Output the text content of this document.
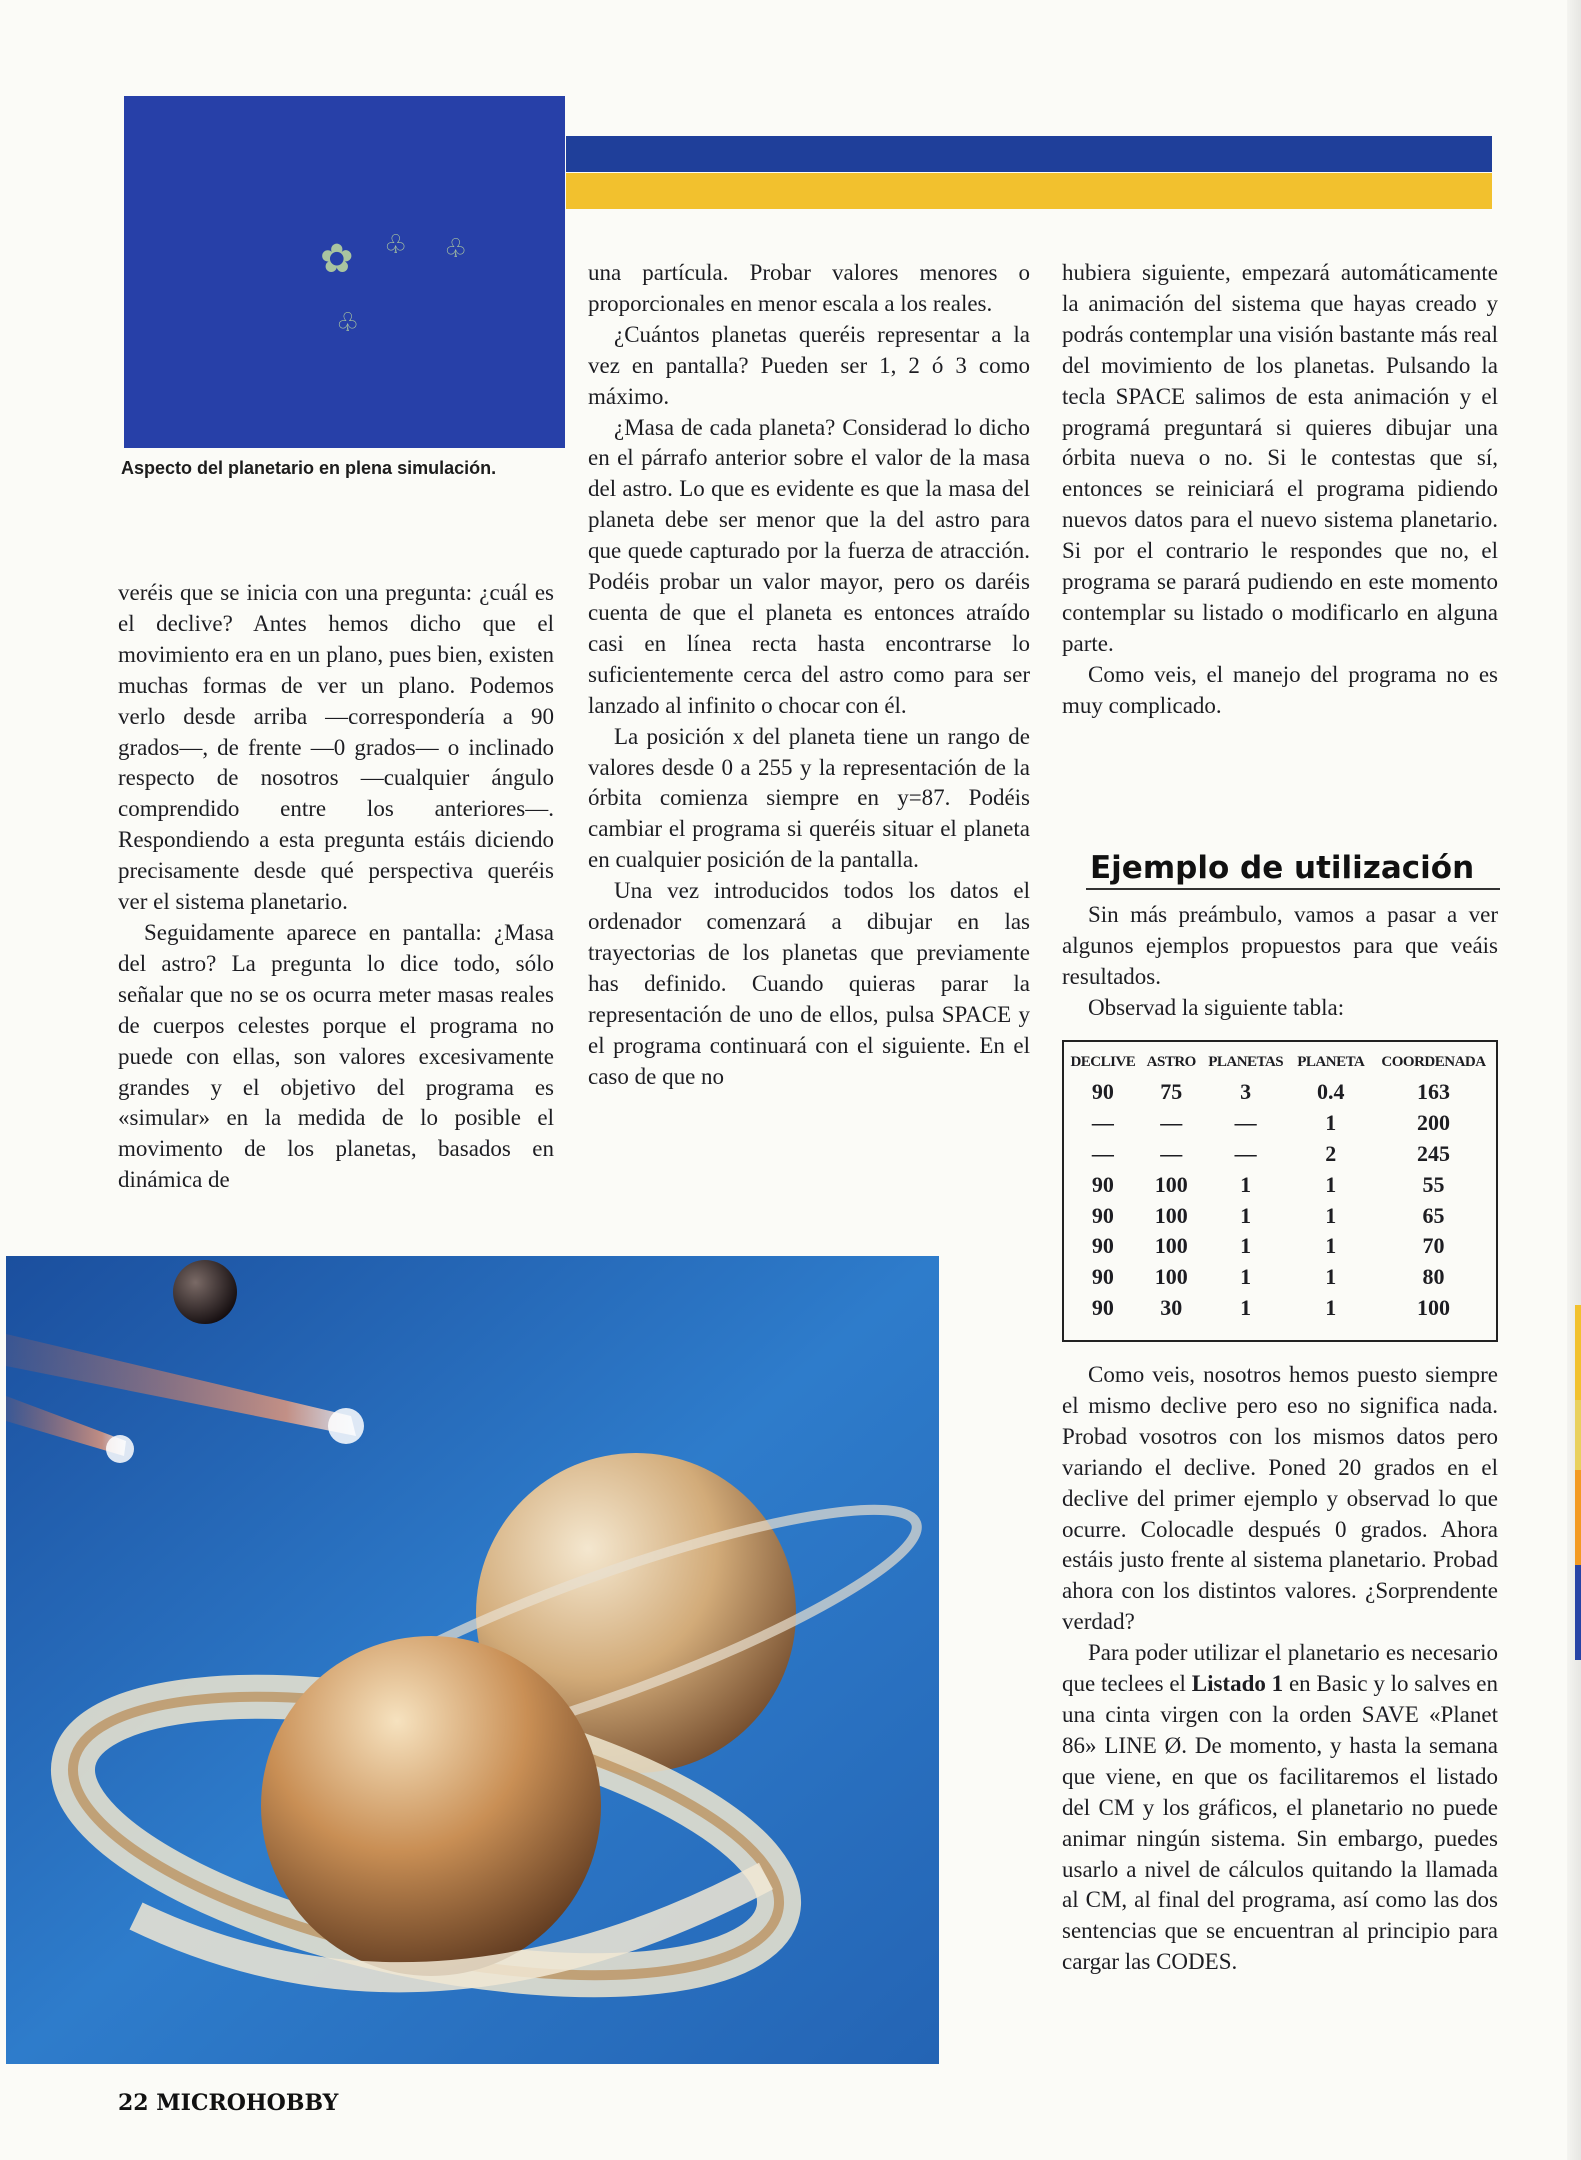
✿ ♧ ♧
♧
Aspecto del planetario en plena simulación.

veréis que se inicia con una pregunta: ¿cuál es el declive? Antes hemos dicho que el movimiento era en un plano, pues bien, existen muchas formas de ver un plano. Podemos verlo desde arriba —correspondería a 90 grados—, de frente —0 grados— o inclinado respecto de nosotros —cualquier ángulo comprendido entre los anteriores—. Respondiendo a esta pregunta estáis diciendo precisamente desde qué perspectiva queréis ver el sistema planetario.

Seguidamente aparece en pantalla: ¿Masa del astro? La pregunta lo dice todo, sólo señalar que no se os ocurra meter masas reales de cuerpos celestes porque el programa no puede con ellas, son valores excesivamente grandes y el objetivo del programa es «simular» en la medida de lo posible el movimento de los planetas, basados en dinámica de

una partícula. Probar valores menores o proporcionales en menor escala a los reales.

¿Cuántos planetas queréis representar a la vez en pantalla? Pueden ser 1, 2 ó 3 como máximo.

¿Masa de cada planeta? Considerad lo dicho en el párrafo anterior sobre el valor de la masa del astro. Lo que es evidente es que la masa del planeta debe ser menor que la del astro para que quede capturado por la fuerza de atracción. Podéis probar un valor mayor, pero os daréis cuenta de que el planeta es entonces atraído casi en línea recta hasta encontrarse lo suficientemente cerca del astro como para ser lanzado al infinito o chocar con él.

La posición x del planeta tiene un rango de valores desde 0 a 255 y la representación de la órbita comienza siempre en y=87. Podéis cambiar el programa si queréis situar el planeta en cualquier posición de la pantalla.

Una vez introducidos todos los datos el ordenador comenzará a dibujar en las trayectorias de los planetas que previamente has definido. Cuando quieras parar la representación de uno de ellos, pulsa SPACE y el programa continuará con el siguiente. En el caso de que no

hubiera siguiente, empezará automáticamente la animación del sistema que hayas creado y podrás contemplar una visión bastante más real del movimiento de los planetas. Pulsando la tecla SPACE salimos de esta animación y el programá preguntará si quieres dibujar una órbita nueva o no. Si le contestas que sí, entonces se reiniciará el programa pidiendo nuevos datos para el nuevo sistema planetario. Si por el contrario le respondes que no, el programa se parará pudiendo en este momento contemplar su listado o modificarlo en alguna parte.

Como veis, el manejo del programa no es muy complicado.

Ejemplo de utilización

Sin más preámbulo, vamos a pasar a ver algunos ejemplos propuestos para que veáis resultados.

Observad la siguiente tabla:

DECLIVE	ASTRO	PLANETAS	PLANETA	COORDENADA
90	75	3	0.4	163
—	—	—	1	200
—	—	—	2	245
90	100	1	1	55
90	100	1	1	65
90	100	1	1	70
90	100	1	1	80
90	30	1	1	100

Como veis, nosotros hemos puesto siempre el mismo declive pero eso no significa nada. Probad vosotros con los mismos datos pero variando el declive. Poned 20 grados en el declive del primer ejemplo y observad lo que ocurre. Colocadle después 0 grados. Ahora estáis justo frente al sistema planetario. Probad ahora con los distintos valores. ¿Sorprendente verdad?

Para poder utilizar el planetario es necesario que teclees el Listado 1 en Basic y lo salves en una cinta virgen con la orden SAVE «Planet 86» LINE Ø. De momento, y hasta la semana que viene, en que os facilitaremos el listado del CM y los gráficos, el planetario no puede animar ningún sistema. Sin embargo, puedes usarlo a nivel de cálculos quitando la llamada al CM, al final del programa, así como las dos sentencias que se encuentran al principio para cargar las CODES.

22 MICROHOBBY
